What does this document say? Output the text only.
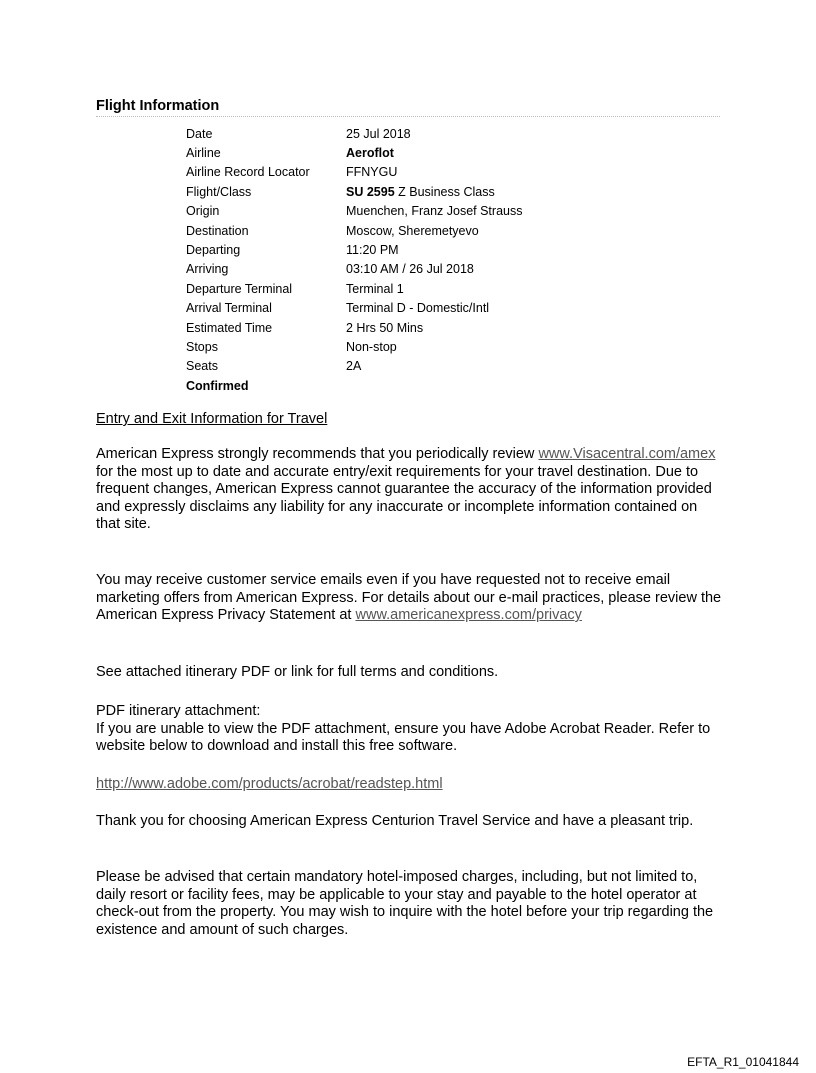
Flight Information
Date	25 Jul 2018
Airline	Aeroflot
Airline Record Locator	FFNYGU
Flight/Class	SU 2595 Z Business Class
Origin	Muenchen, Franz Josef Strauss
Destination	Moscow, Sheremetyevo
Departing	11:20 PM
Arriving	03:10 AM / 26 Jul 2018
Departure Terminal	Terminal 1
Arrival Terminal	Terminal D - Domestic/Intl
Estimated Time	2 Hrs 50 Mins
Stops	Non-stop
Seats	2A
Confirmed	
Entry and Exit Information for Travel

American Express strongly recommends that you periodically review www.Visacentral.com/amex for the most up to date and accurate entry/exit requirements for your travel destination. Due to frequent changes, American Express cannot guarantee the accuracy of the information provided and expressly disclaims any liability for any inaccurate or incomplete information contained on that site.

You may receive customer service emails even if you have requested not to receive email marketing offers from American Express. For details about our e-mail practices, please review the American Express Privacy Statement at www.americanexpress.com/privacy

See attached itinerary PDF or link for full terms and conditions.

PDF itinerary attachment:

If you are unable to view the PDF attachment, ensure you have Adobe Acrobat Reader. Refer to website below to download and install this free software.

http://www.adobe.com/products/acrobat/readstep.html

Thank you for choosing American Express Centurion Travel Service and have a pleasant trip.

Please be advised that certain mandatory hotel-imposed charges, including, but not limited to, daily resort or facility fees, may be applicable to your stay and payable to the hotel operator at check-out from the property. You may wish to inquire with the hotel before your trip regarding the existence and amount of such charges.

EFTA_R1_01041844
